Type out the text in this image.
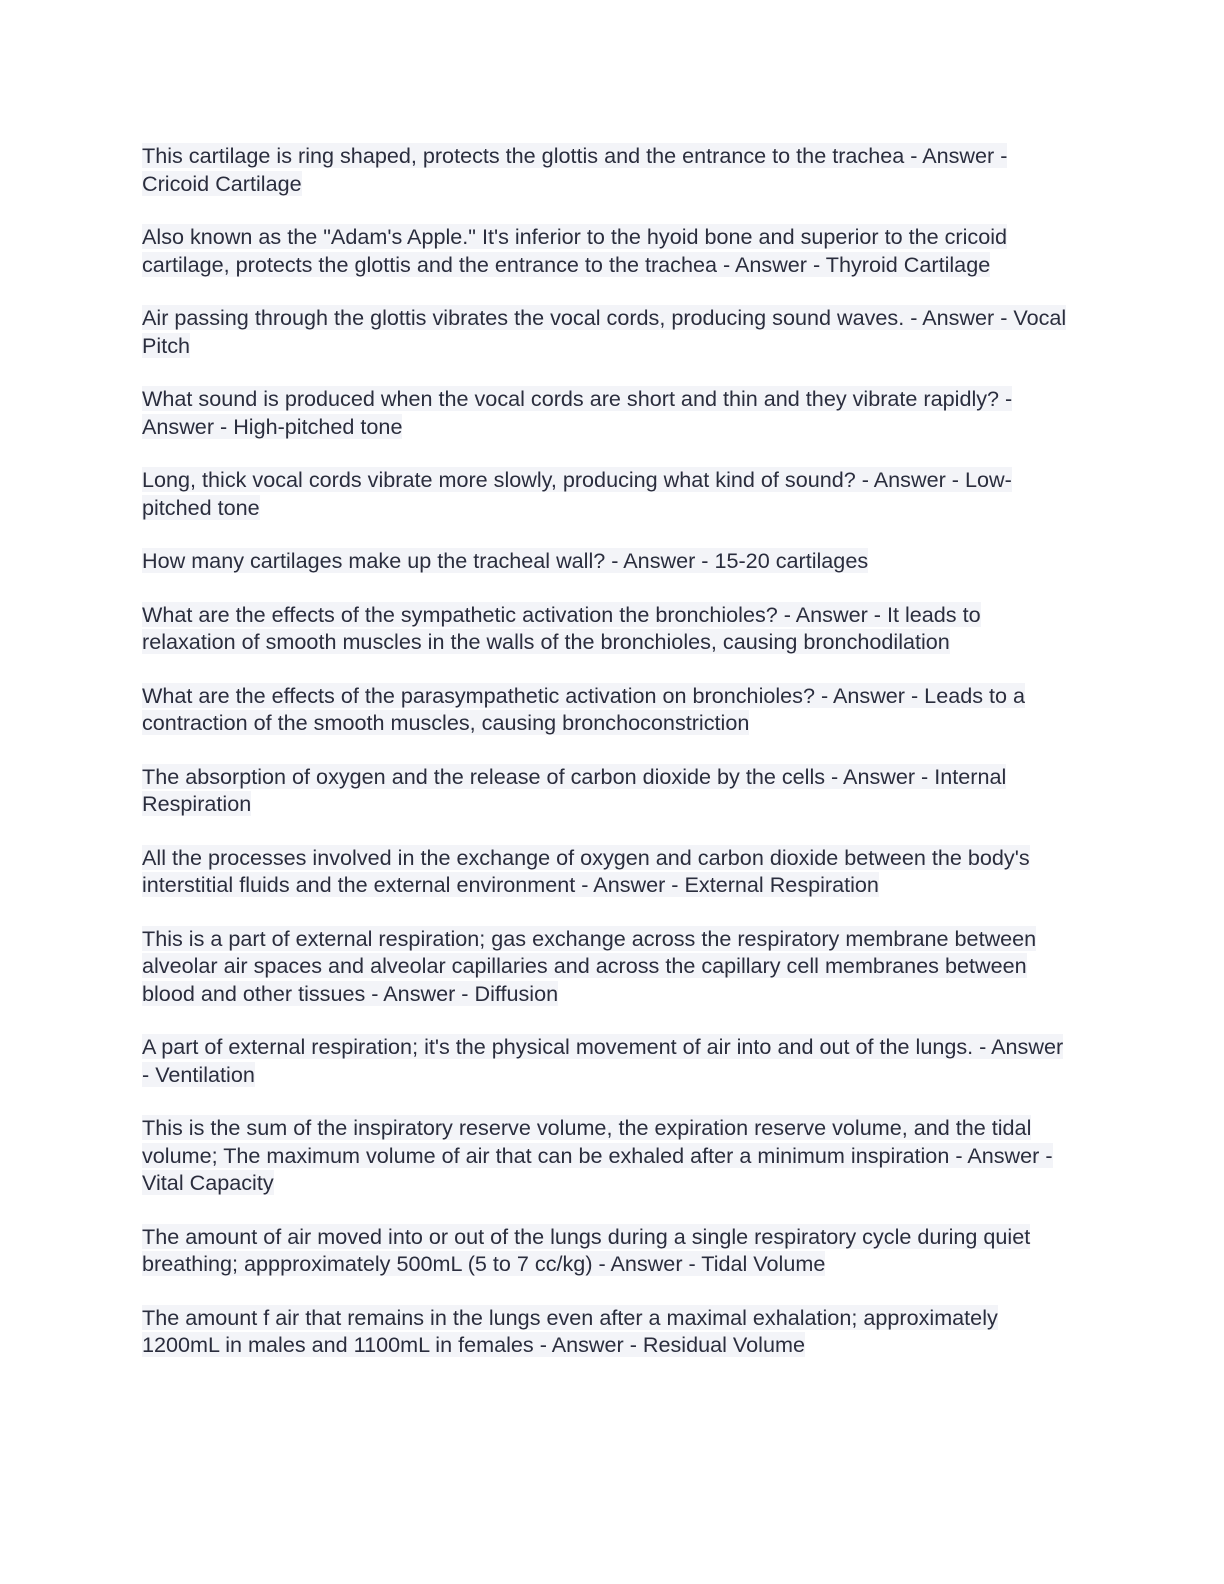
This cartilage is ring shaped, protects the glottis and the entrance to the trachea - Answer - Cricoid Cartilage

Also known as the "Adam's Apple." It's inferior to the hyoid bone and superior to the cricoid cartilage, protects the glottis and the entrance to the trachea - Answer - Thyroid Cartilage

Air passing through the glottis vibrates the vocal cords, producing sound waves. - Answer - Vocal Pitch

What sound is produced when the vocal cords are short and thin and they vibrate rapidly? - Answer - High-pitched tone

Long, thick vocal cords vibrate more slowly, producing what kind of sound? - Answer - Low-pitched tone

How many cartilages make up the tracheal wall? - Answer - 15-20 cartilages

What are the effects of the sympathetic activation the bronchioles? - Answer - It leads to relaxation of smooth muscles in the walls of the bronchioles, causing bronchodilation

What are the effects of the parasympathetic activation on bronchioles? - Answer - Leads to a contraction of the smooth muscles, causing bronchoconstriction

The absorption of oxygen and the release of carbon dioxide by the cells - Answer - Internal Respiration

All the processes involved in the exchange of oxygen and carbon dioxide between the body's interstitial fluids and the external environment - Answer - External Respiration

This is a part of external respiration; gas exchange across the respiratory membrane between alveolar air spaces and alveolar capillaries and across the capillary cell membranes between blood and other tissues - Answer - Diffusion

A part of external respiration; it's the physical movement of air into and out of the lungs. - Answer - Ventilation

This is the sum of the inspiratory reserve volume, the expiration reserve volume, and the tidal volume; The maximum volume of air that can be exhaled after a minimum inspiration - Answer - Vital Capacity

The amount of air moved into or out of the lungs during a single respiratory cycle during quiet breathing; appproximately 500mL (5 to 7 cc/kg) - Answer - Tidal Volume

The amount f air that remains in the lungs even after a maximal exhalation; approximately 1200mL in males and 1100mL in females - Answer - Residual Volume
